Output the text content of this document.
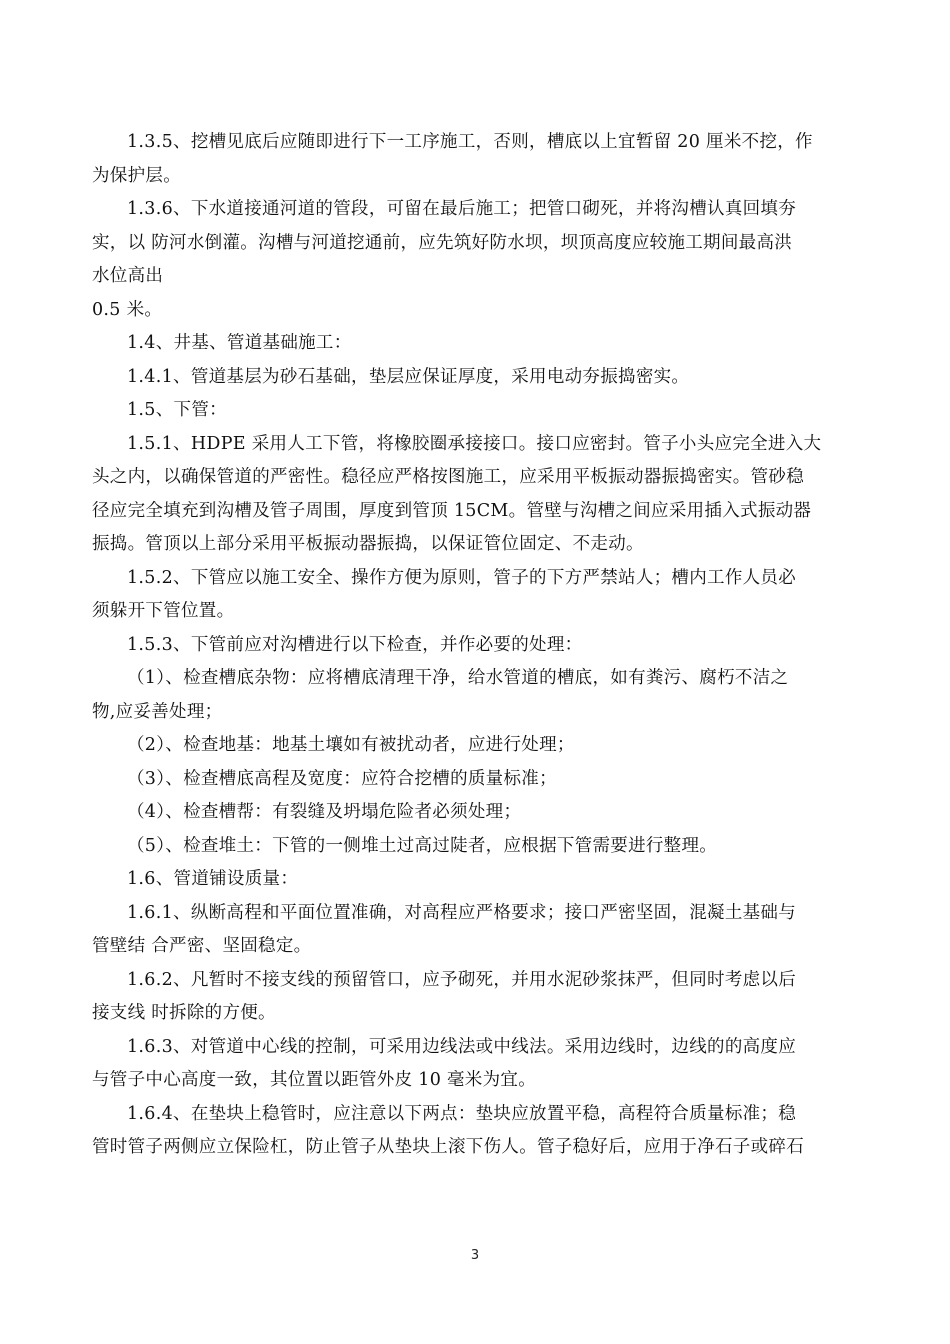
1.3.5、挖槽见底后应随即进行下一工序施工，否则，槽底以上宜暂留 20 厘米不挖，作
为保护层。
1.3.6、下水道接通河道的管段，可留在最后施工；把管口砌死，并将沟槽认真回填夯
实，以 防河水倒灌。沟槽与河道挖通前，应先筑好防水坝，坝顶高度应较施工期间最高洪
水位高出
0.5 米。
1.4、井基、管道基础施工：
1.4.1、管道基层为砂石基础，垫层应保证厚度，采用电动夯振捣密实。
1.5、下管：
1.5.1、HDPE 采用人工下管，将橡胶圈承接接口。接口应密封。管子小头应完全进入大
头之内，以确保管道的严密性。稳径应严格按图施工，应采用平板振动器振捣密实。管砂稳
径应完全填充到沟槽及管子周围，厚度到管顶 15CM。管壁与沟槽之间应采用插入式振动器
振捣。管顶以上部分采用平板振动器振捣，以保证管位固定、不走动。
1.5.2、下管应以施工安全、操作方便为原则，管子的下方严禁站人；槽内工作人员必
须躲开下管位置。
1.5.3、下管前应对沟槽进行以下检查，并作必要的处理：
（1）、检查槽底杂物：应将槽底清理干净，给水管道的槽底，如有粪污、腐朽不洁之
物,应妥善处理；
（2）、检查地基：地基土壤如有被扰动者，应进行处理；
（3）、检查槽底高程及宽度：应符合挖槽的质量标准；
（4）、检查槽帮：有裂缝及坍塌危险者必须处理；
（5）、检查堆土：下管的一侧堆土过高过陡者，应根据下管需要进行整理。
1.6、管道铺设质量：
1.6.1、纵断高程和平面位置准确，对高程应严格要求；接口严密坚固，混凝土基础与
管壁结 合严密、坚固稳定。
1.6.2、凡暂时不接支线的预留管口，应予砌死，并用水泥砂浆抹严，但同时考虑以后
接支线 时拆除的方便。
1.6.3、对管道中心线的控制，可采用边线法或中线法。采用边线时，边线的的高度应
与管子中心高度一致，其位置以距管外皮 10 毫米为宜。
1.6.4、在垫块上稳管时，应注意以下两点：垫块应放置平稳，高程符合质量标准；稳
管时管子两侧应立保险杠，防止管子从垫块上滚下伤人。管子稳好后，应用于净石子或碎石
3
